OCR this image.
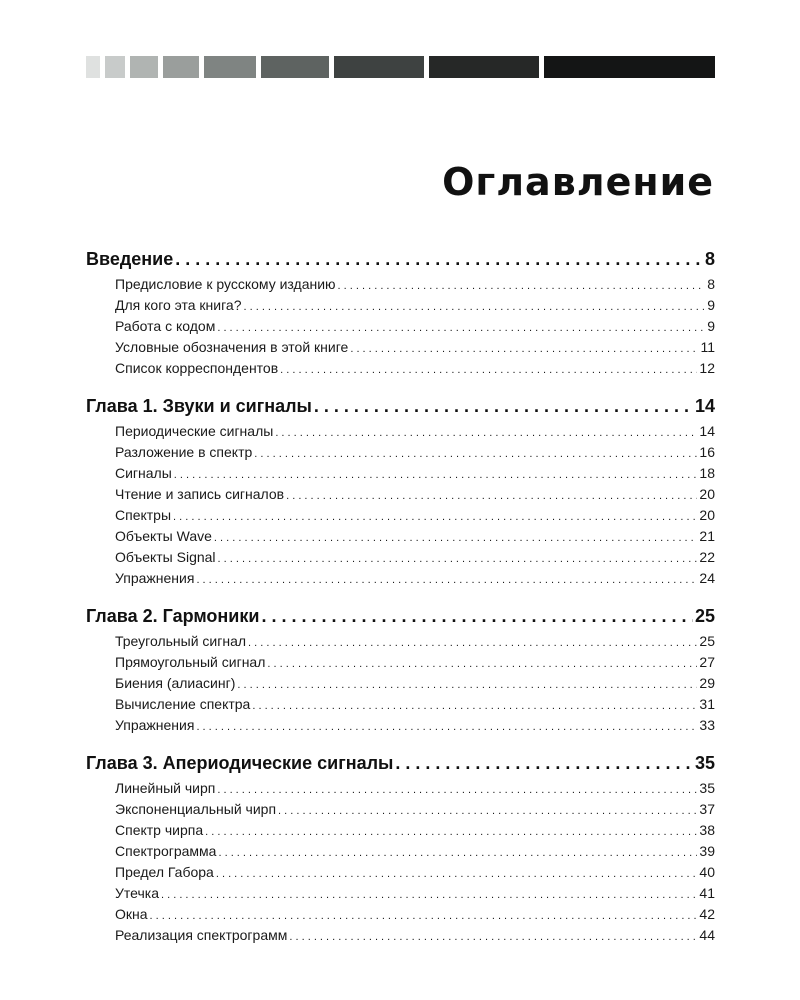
Оглавление
Введение . . .	8
Предисловие к русскому изданию . . .	8
Для кого эта книга? . . .	9
Работа с кодом . . .	9
Условные обозначения в этой книге . . .	11
Список корреспондентов . . .	12
Глава 1. Звуки и сигналы . . .	14
Периодические сигналы . . .	14
Разложение в спектр . . .	16
Сигналы . . .	18
Чтение и запись сигналов . . .	20
Спектры . . .	20
Объекты Wave . . .	21
Объекты Signal . . .	22
Упражнения . . .	24
Глава 2. Гармоники . . .	25
Треугольный сигнал . . .	25
Прямоугольный сигнал . . .	27
Биения (алиасинг) . . .	29
Вычисление спектра . . .	31
Упражнения . . .	33
Глава 3. Апериодические сигналы . . .	35
Линейный чирп . . .	35
Экспоненциальный чирп . . .	37
Спектр чирпа . . .	38
Спектрограмма . . .	39
Предел Габора . . .	40
Утечка . . .	41
Окна . . .	42
Реализация спектрограмм . . .	44
